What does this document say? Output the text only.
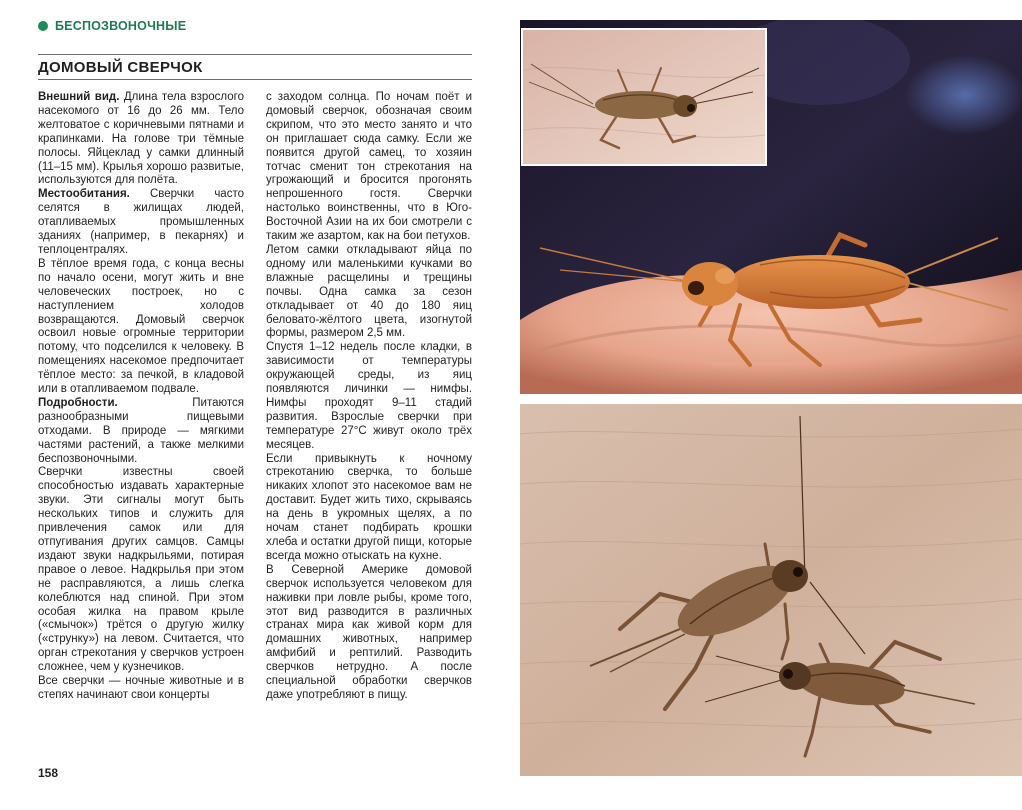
БЕСПОЗВОНОЧНЫЕ
ДОМОВЫЙ СВЕРЧОК

Внешний вид. Длина тела взрослого насекомого от 16 до 26 мм. Тело желтоватое с коричневыми пятнами и крапинками. На голове три тёмные полосы. Яйцеклад у самки длинный (11–15 мм). Крылья хорошо развитые, используются для полёта.

Местообитания. Сверчки часто селятся в жилищах людей, отапливаемых промышленных зданиях (например, в пекарнях) и теплоцентралях.

В тёплое время года, с конца весны по начало осени, могут жить и вне человеческих построек, но с наступлением холодов возвращаются. Домовый сверчок освоил новые огромные территории потому, что подселился к человеку. В помещениях насекомое предпочитает тёплое место: за печкой, в кладовой или в отапливаемом подвале.

Подробности. Питаются разнообразными пищевыми отходами. В природе — мягкими частями растений, а также мелкими беспозвоночными.

Сверчки известны своей способностью издавать характерные звуки. Эти сигналы могут быть нескольких типов и служить для привлечения самок или для отпугивания других самцов. Самцы издают звуки надкрыльями, потирая правое о левое. Надкрылья при этом не расправляются, а лишь слегка колеблются над спиной. При этом особая жилка на правом крыле («смычок») трётся о другую жилку («струнку») на левом. Считается, что орган стрекотания у сверчков устроен сложнее, чем у кузнечиков.

Все сверчки — ночные животные и в степях начинают свои концерты

с заходом солнца. По ночам поёт и домовый сверчок, обозначая своим скрипом, что это место занято и что он приглашает сюда самку. Если же появится другой самец, то хозяин тотчас сменит тон стрекотания на угрожающий и бросится прогонять непрошенного гостя. Сверчки настолько воинственны, что в Юго-Восточной Азии на их бои смотрели с таким же азартом, как на бои петухов.

Летом самки откладывают яйца по одному или маленькими кучками во влажные расщелины и трещины почвы. Одна самка за сезон откладывает от 40 до 180 яиц беловато-жёлтого цвета, изогнутой формы, размером 2,5 мм.

Спустя 1–12 недель после кладки, в зависимости от температуры окружающей среды, из яиц появляются личинки — нимфы. Нимфы проходят 9–11 стадий развития. Взрослые сверчки при температуре 27°С живут около трёх месяцев.

Если привыкнуть к ночному стрекотанию сверчка, то больше никаких хлопот это насекомое вам не доставит. Будет жить тихо, скрываясь на день в укромных щелях, а по ночам станет подбирать крошки хлеба и остатки другой пищи, которые всегда можно отыскать на кухне.

В Северной Америке домовой сверчок используется человеком для наживки при ловле рыбы, кроме того, этот вид разводится в различных странах мира как живой корм для домашних животных, например амфибий и рептилий. Разводить сверчков нетрудно. А после специальной обработки сверчков даже употребляют в пищу.

158
